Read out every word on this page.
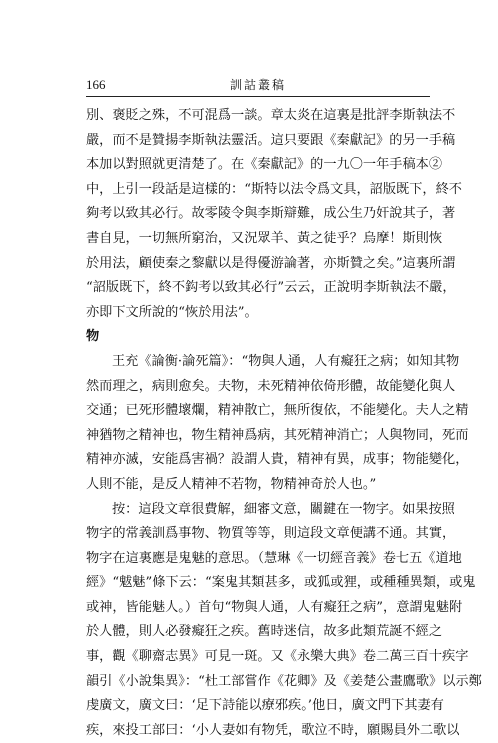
166	訓詁叢稿
別、褒貶之殊，不可混爲一談。章太炎在這裏是批評李斯執法不
嚴，而不是贊揚李斯執法靈活。這只要跟《秦獻記》的另一手稿
本加以對照就更清楚了。在《秦獻記》的一九〇一年手稿本②
中，上引一段話是這樣的：“斯特以法令爲文具，詔版既下，終不
夠考以致其必行。故零陵令與李斯辯難，成公生乃奸說其子，著
書自見，一切無所窮治，又況眾羊、黃之徒乎？烏摩！斯則恢
於用法，顧使秦之黎獻以是得優游論著，亦斯贊之矣。”這裏所謂
“詔版既下，終不鈎考以致其必行”云云，正說明李斯執法不嚴，
亦即下文所說的“恢於用法”。
物
王充《論衡·論死篇》：“物與人通，人有癡狂之病；如知其物
然而理之，病則愈矣。夫物，未死精神依倚形體，故能變化與人
交通；已死形體壞爛，精神散亡，無所復依，不能變化。夫人之精
神猶物之精神也，物生精神爲病，其死精神消亡；人與物同，死而
精神亦滅，安能爲害禍？設謂人貴，精神有異，成事；物能變化，
人則不能，是反人精神不若物，物精神奇於人也。”
按：這段文章很費解，細審文意，關鍵在一物字。如果按照
物字的常義訓爲事物、物質等等，則這段文章便講不通。其實，
物字在這裏應是鬼魅的意思。（慧琳《一切經音義》卷七五《道地
經》“魃魅”條下云：“案鬼其類甚多，或狐或狸，或種種異類，或鬼
或神，皆能魅人。）首句“物與人通，人有癡狂之病”，意謂鬼魅附
於人體，則人必發癡狂之疾。舊時迷信，故多此類荒誕不經之
事，觀《聊齋志異》可見一斑。又《永樂大典》卷二萬三百十疾字
韻引《小說集異》：“杜工部嘗作《花卿》及《姜楚公畫鷹歌》以示鄭
虔廣文，廣文曰：‘足下詩能以療邪疾。’他日，廣文門下其妻有
疾，來投工部曰：‘小人妻如有物凭，歌泣不時，願賜員外二歌以
